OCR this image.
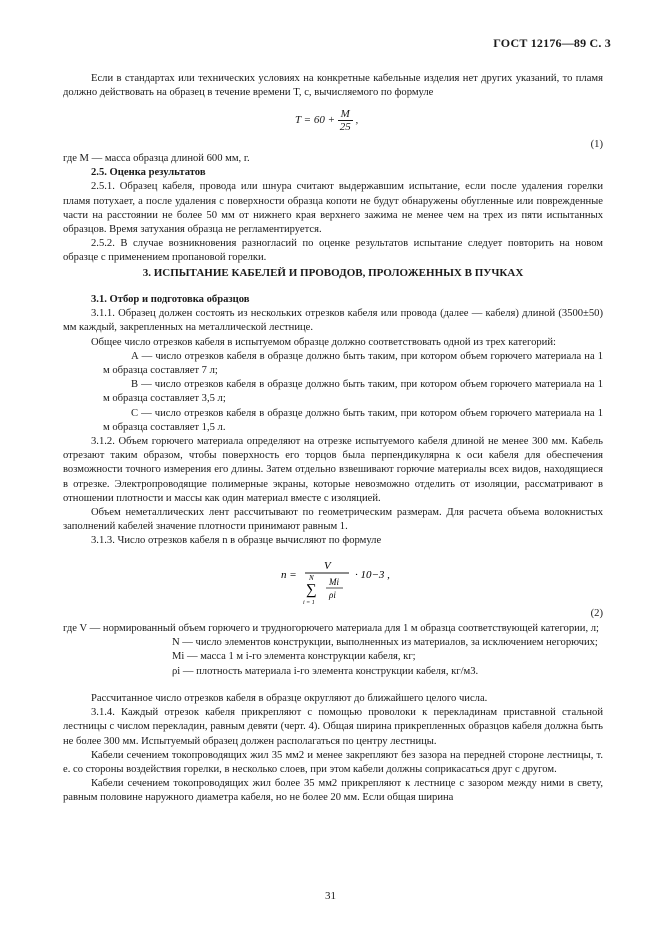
ГОСТ 12176—89 С. 3

Если в стандартах или технических условиях на конкретные кабельные изделия нет других указаний, то пламя должно действовать на образец в течение времени T, с, вычисляемого по формуле

$T = 60 + \frac{M}{25}$ ,
(1)

где M — масса образца длиной 600 мм, г.

2.5. Оценка результатов

2.5.1. Образец кабеля, провода или шнура считают выдержавшим испытание, если после удаления горелки пламя потухает, а после удаления с поверхности образца копоти не будут обнаружены обугленные или поврежденные части на расстоянии не более 50 мм от нижнего края верхнего зажима не менее чем на трех из пяти испытанных образцов. Время затухания образца не регламентируется.

2.5.2. В случае возникновения разногласий по оценке результатов испытание следует повторить на новом образце с применением пропановой горелки.

3. ИСПЫТАНИЕ КАБЕЛЕЙ И ПРОВОДОВ, ПРОЛОЖЕННЫХ В ПУЧКАХ

3.1. Отбор и подготовка образцов

3.1.1. Образец должен состоять из нескольких отрезков кабеля или провода (далее — кабеля) длиной (3500±50) мм каждый, закрепленных на металлической лестнице.

Общее число отрезков кабеля в испытуемом образце должно соответствовать одной из трех категорий:

А — число отрезков кабеля в образце должно быть таким, при котором объем горючего материала на 1 м образца составляет 7 л;

В — число отрезков кабеля в образце должно быть таким, при котором объем горючего материала на 1 м образца составляет 3,5 л;

С — число отрезков кабеля в образце должно быть таким, при котором объем горючего материала на 1 м образца составляет 1,5 л.

3.1.2. Объем горючего материала определяют на отрезке испытуемого кабеля длиной не менее 300 мм. Кабель отрезают таким образом, чтобы поверхность его торцов была перпендикулярна к оси кабеля для обеспечения возможности точного измерения его длины. Затем отдельно взвешивают горючие материалы всех видов, находящиеся в отрезке. Электропроводящие полимерные экраны, которые невозможно отделить от изоляции, рассматривают в отношении плотности и массы как один материал вместе с изоляцией.

Объем неметаллических лент рассчитывают по геометрическим размерам. Для расчета объема волокнистых заполнений кабелей значение плотности принимают равным 1.

3.1.3. Число отрезков кабеля n в образце вычисляют по формуле

n =
V
N
∑
i = 1
Mi
ρi
· 10−3 ,
(2)

где V — нормированный объем горючего и трудногорючего материала для 1 м образца соответствующей категории, л;

N — число элементов конструкции, выполненных из материалов, за исключением негорючих;

Mi — масса 1 м i-го элемента конструкции кабеля, кг;

ρi — плотность материала i-го элемента конструкции кабеля, кг/м3.

Рассчитанное число отрезков кабеля в образце округляют до ближайшего целого числа.

3.1.4. Каждый отрезок кабеля прикрепляют с помощью проволоки к перекладинам приставной стальной лестницы с числом перекладин, равным девяти (черт. 4). Общая ширина прикрепленных образцов кабеля должна быть не более 300 мм. Испытуемый образец должен располагаться по центру лестницы.

Кабели сечением токопроводящих жил 35 мм2 и менее закрепляют без зазора на передней стороне лестницы, т. е. со стороны воздействия горелки, в несколько слоев, при этом кабели должны соприкасаться друг с другом.

Кабели сечением токопроводящих жил более 35 мм2 прикрепляют к лестнице с зазором между ними в свету, равным половине наружного диаметра кабеля, но не более 20 мм. Если общая ширина

31
